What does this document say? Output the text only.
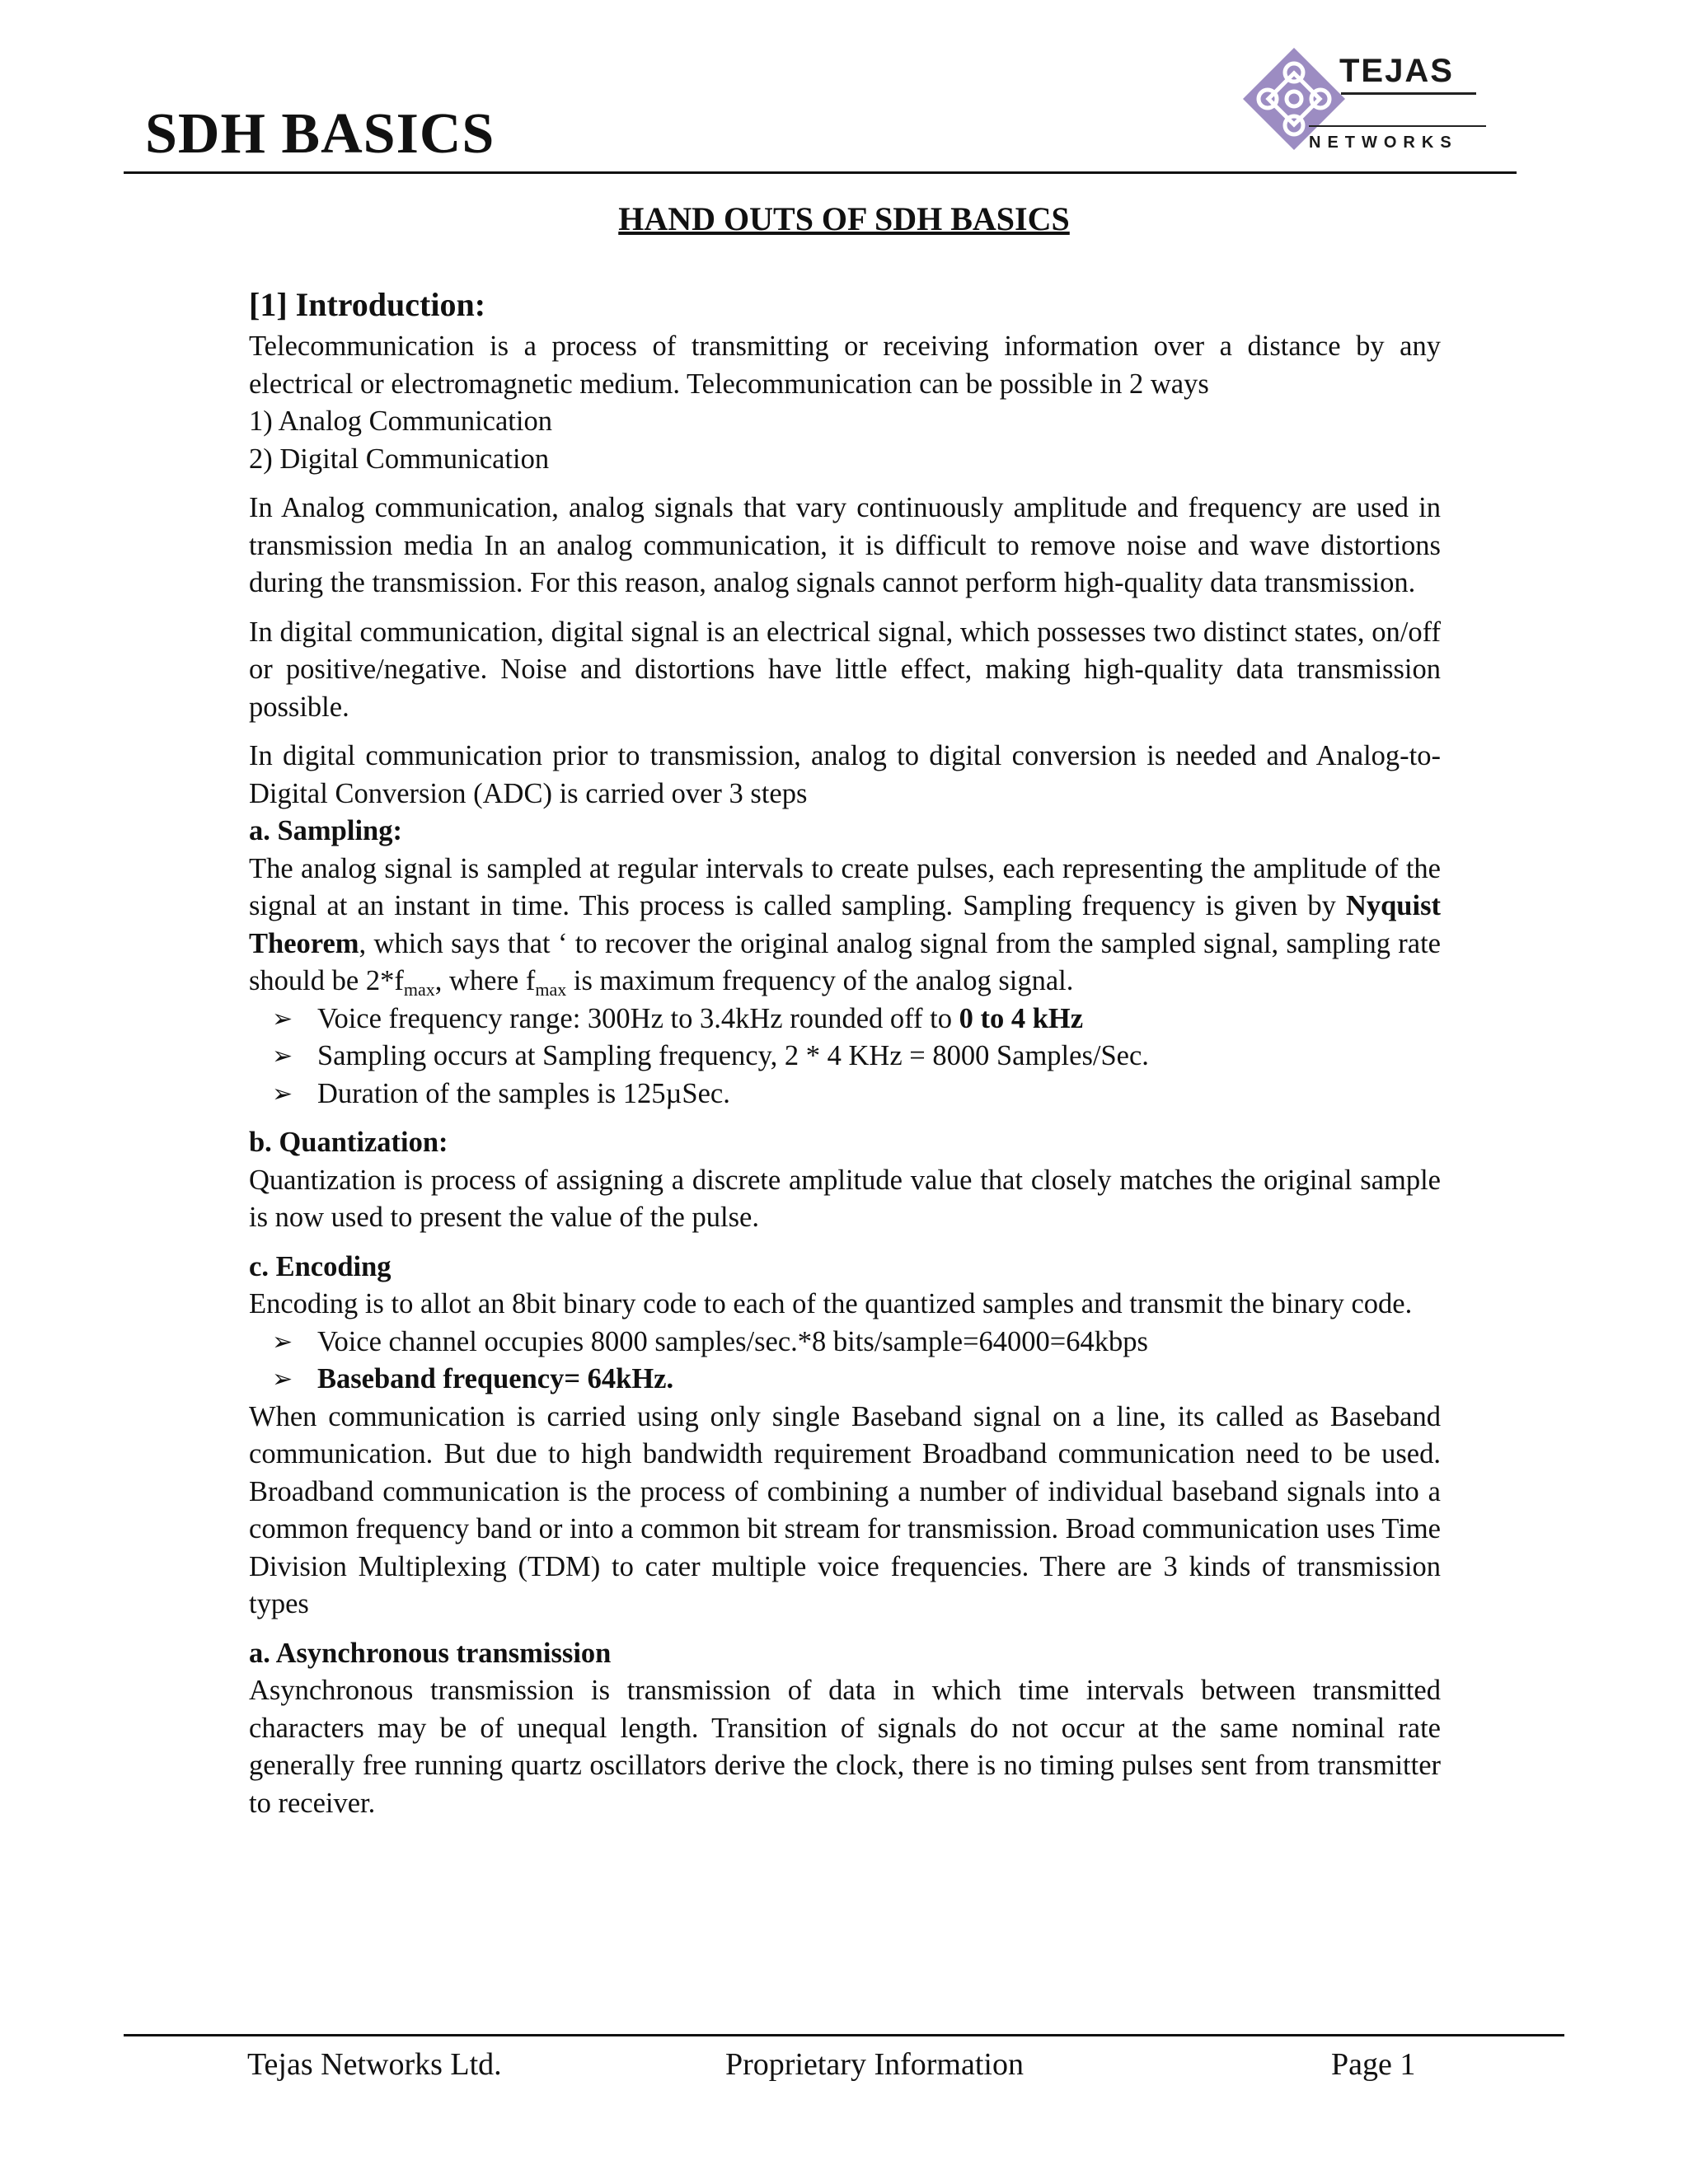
SDH BASICS
TEJAS
NETWORKS
HAND OUTS OF SDH BASICS

[1] Introduction:

Telecommunication is a process of transmitting or receiving information over a distance by any electrical or electromagnetic medium. Telecommunication can be possible in 2 ways

1) Analog Communication

2) Digital Communication

In Analog communication, analog signals that vary continuously amplitude and frequency are used in transmission media In an analog communication, it is difficult to remove noise and wave distortions during the transmission. For this reason, analog signals cannot perform high-quality data transmission.

In digital communication, digital signal is an electrical signal, which possesses two distinct states, on/off or positive/negative. Noise and distortions have little effect, making high-quality data transmission possible.

In digital communication prior to transmission, analog to digital conversion is needed and Analog-to-Digital Conversion (ADC) is carried over 3 steps

a. Sampling:

The analog signal is sampled at regular intervals to create pulses, each representing the amplitude of the signal at an instant in time. This process is called sampling. Sampling frequency is given by Nyquist Theorem, which says that ‘ to recover the original analog signal from the sampled signal, sampling rate should be $2*f_{max}$, where $f_{max}$ is maximum frequency of the analog signal.

➢ Voice frequency range: 300Hz to 3.4kHz rounded off to 0 to 4 kHz
➢ Sampling occurs at Sampling frequency, 2 * 4 KHz = 8000 Samples/Sec.
➢ Duration of the samples is 125µSec.

b. Quantization:

Quantization is process of assigning a discrete amplitude value that closely matches the original sample is now used to present the value of the pulse.

c. Encoding

Encoding is to allot an 8bit binary code to each of the quantized samples and transmit the binary code.

➢ Voice channel occupies 8000 samples/sec.*8 bits/sample=64000=64kbps
➢ Baseband frequency= 64kHz.

When communication is carried using only single Baseband signal on a line, its called as Baseband communication. But due to high bandwidth requirement Broadband communication need to be used. Broadband communication is the process of combining a number of individual baseband signals into a common frequency band or into a common bit stream for transmission. Broad communication uses Time Division Multiplexing (TDM) to cater multiple voice frequencies. There are 3 kinds of transmission types

a. Asynchronous transmission

Asynchronous transmission is transmission of data in which time intervals between transmitted characters may be of unequal length. Transition of signals do not occur at the same nominal rate generally free running quartz oscillators derive the clock, there is no timing pulses sent from transmitter to receiver.

Tejas Networks Ltd.	Proprietary Information	Page 1
